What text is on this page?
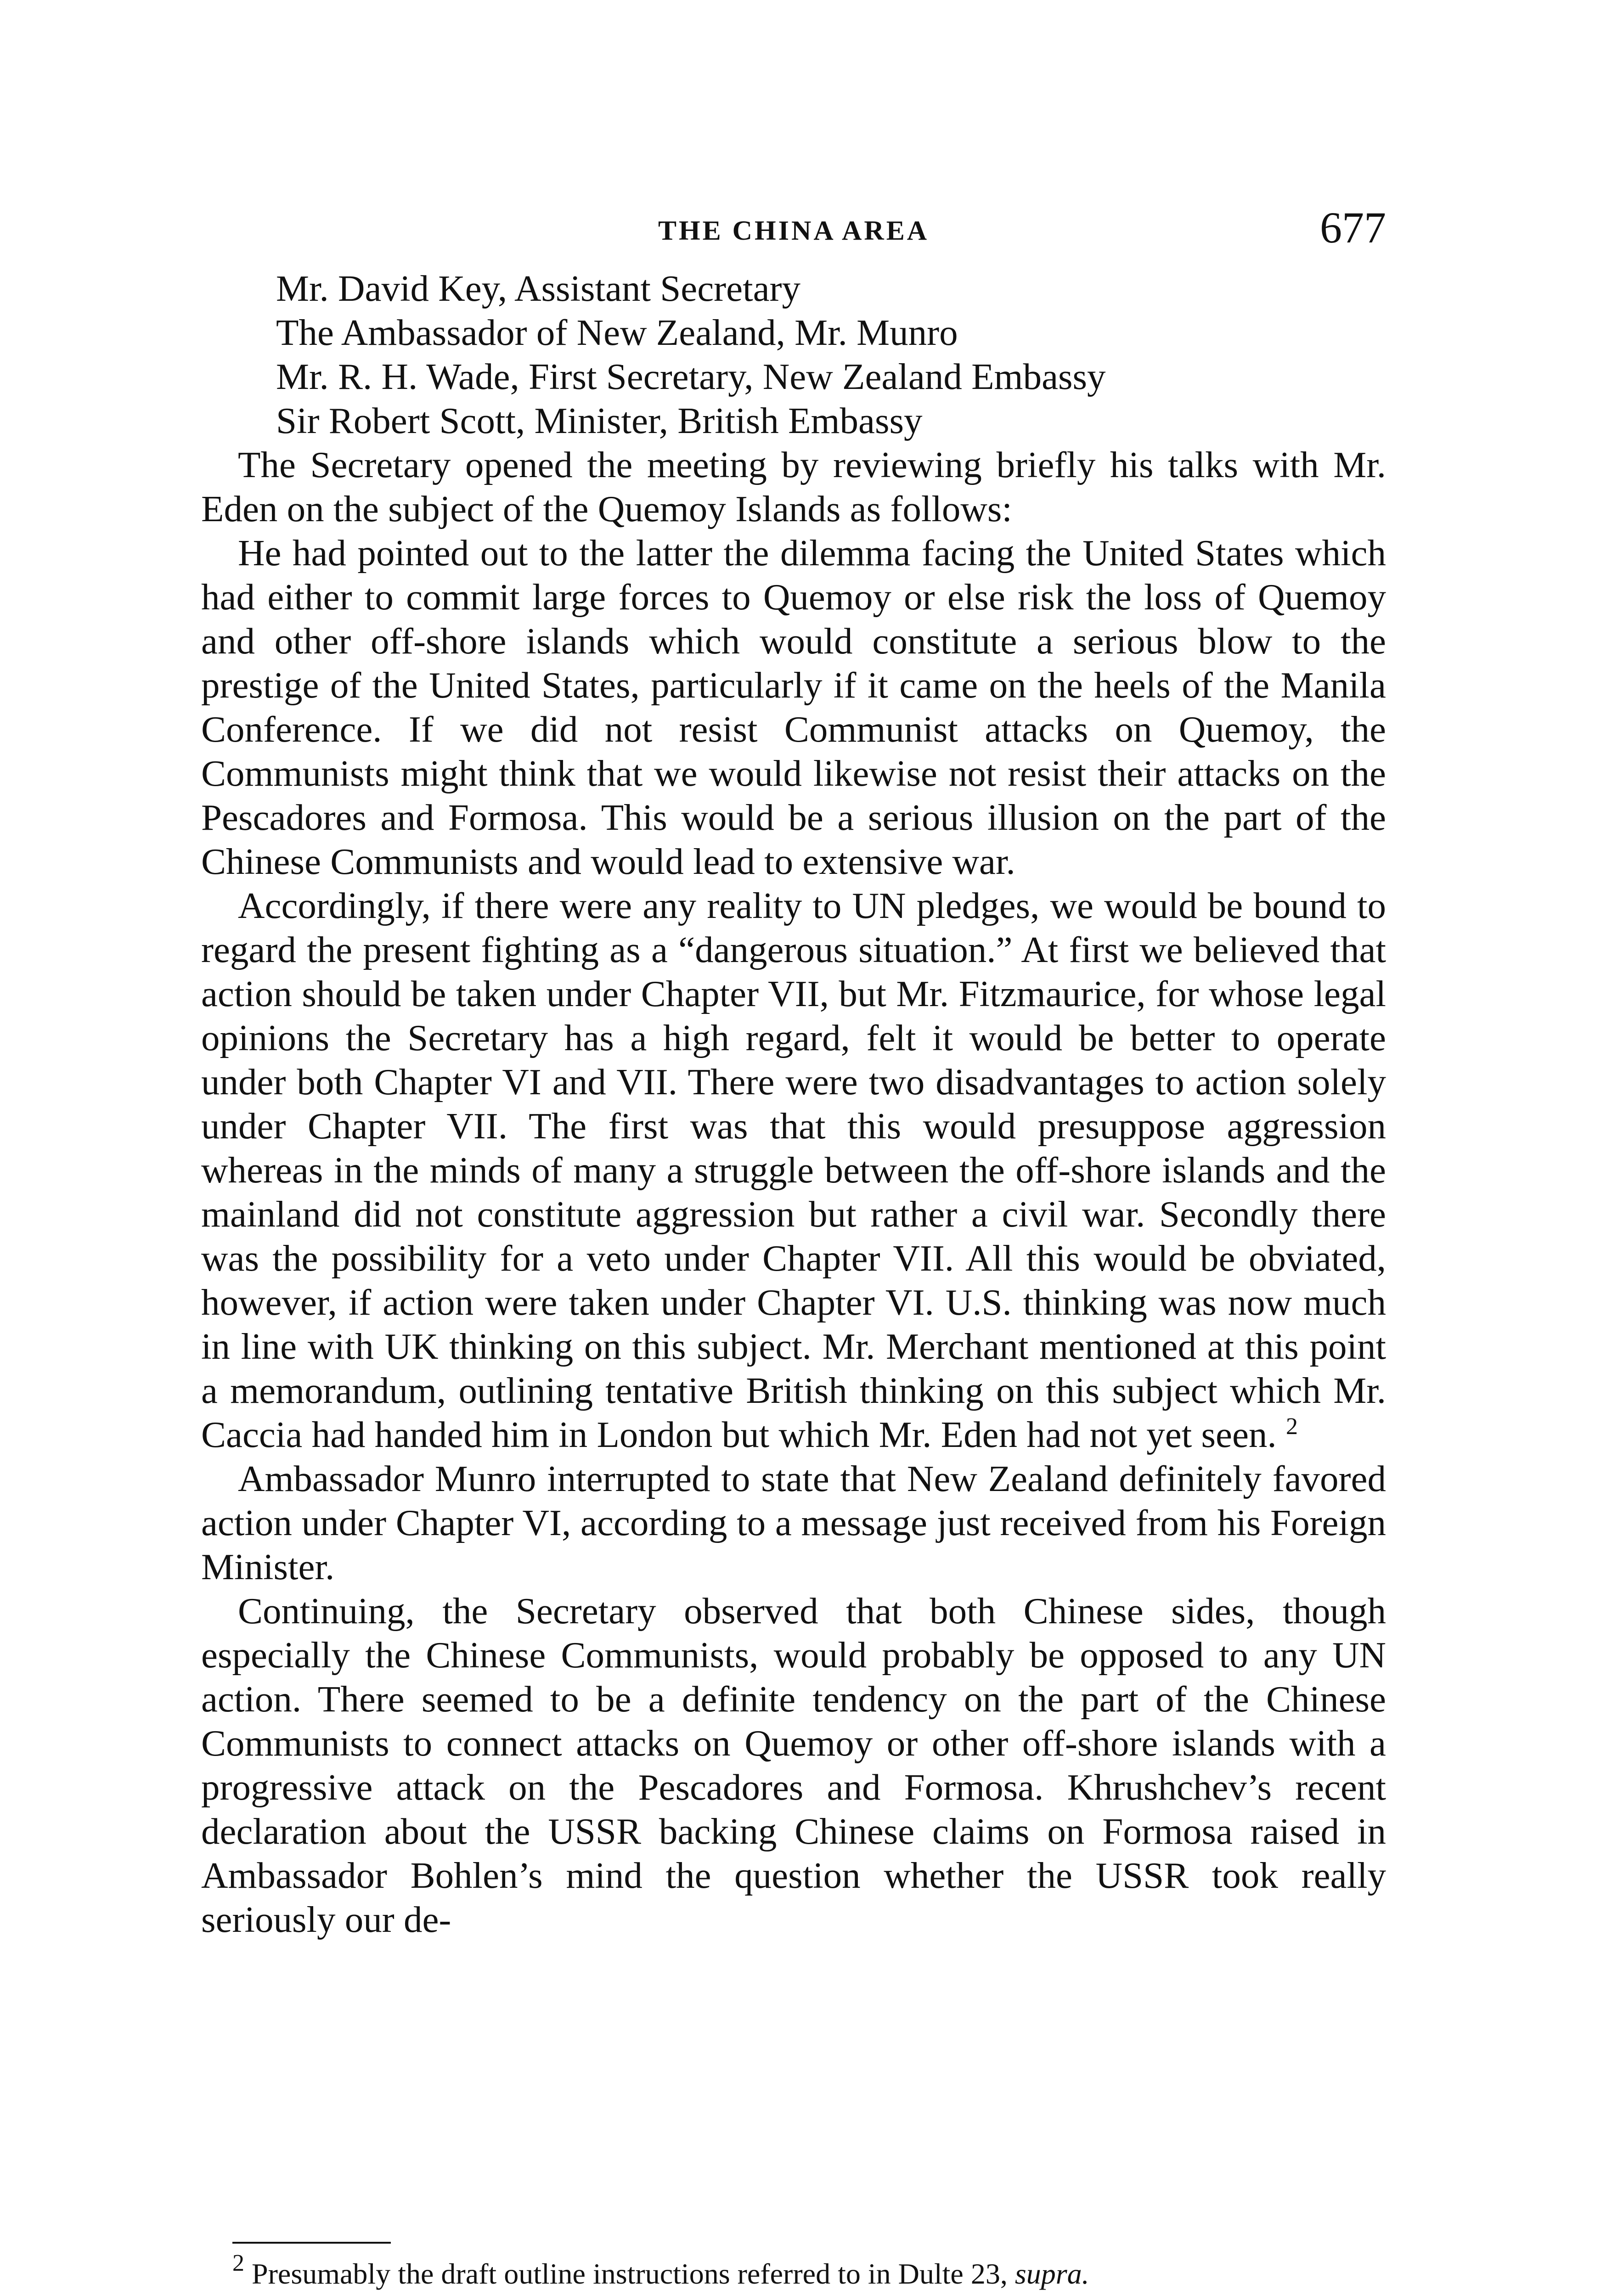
THE CHINA AREA	677
Mr. David Key, Assistant Secretary
The Ambassador of New Zealand, Mr. Munro
Mr. R. H. Wade, First Secretary, New Zealand Embassy
Sir Robert Scott, Minister, British Embassy

The Secretary opened the meeting by reviewing briefly his talks with Mr. Eden on the subject of the Quemoy Islands as follows:

He had pointed out to the latter the dilemma facing the United States which had either to commit large forces to Quemoy or else risk the loss of Quemoy and other off-shore islands which would constitute a serious blow to the prestige of the United States, particularly if it came on the heels of the Manila Conference. If we did not resist Communist attacks on Quemoy, the Communists might think that we would likewise not resist their attacks on the Pescadores and Formosa. This would be a serious illusion on the part of the Chinese Communists and would lead to extensive war.

Accordingly, if there were any reality to UN pledges, we would be bound to regard the present fighting as a “dangerous situation.” At first we believed that action should be taken under Chapter VII, but Mr. Fitzmaurice, for whose legal opinions the Secretary has a high regard, felt it would be better to operate under both Chapter VI and VII. There were two disadvantages to action solely under Chapter VII. The first was that this would presuppose aggression whereas in the minds of many a struggle between the off-shore islands and the mainland did not constitute aggression but rather a civil war. Secondly there was the possibility for a veto under Chapter VII. All this would be obviated, however, if action were taken under Chapter VI. U.S. thinking was now much in line with UK thinking on this subject. Mr. Merchant mentioned at this point a memorandum, outlining tentative British thinking on this subject which Mr. Caccia had handed him in London but which Mr. Eden had not yet seen. $^2$

Ambassador Munro interrupted to state that New Zealand definitely favored action under Chapter VI, according to a message just received from his Foreign Minister.

Continuing, the Secretary observed that both Chinese sides, though especially the Chinese Communists, would probably be opposed to any UN action. There seemed to be a definite tendency on the part of the Chinese Communists to connect attacks on Quemoy or other off-shore islands with a progressive attack on the Pescadores and Formosa. Khrushchev’s recent declaration about the USSR backing Chinese claims on Formosa raised in Ambassador Bohlen’s mind the question whether the USSR took really seriously our de-

$^2$ Presumably the draft outline instructions referred to in Dulte 23, supra.
